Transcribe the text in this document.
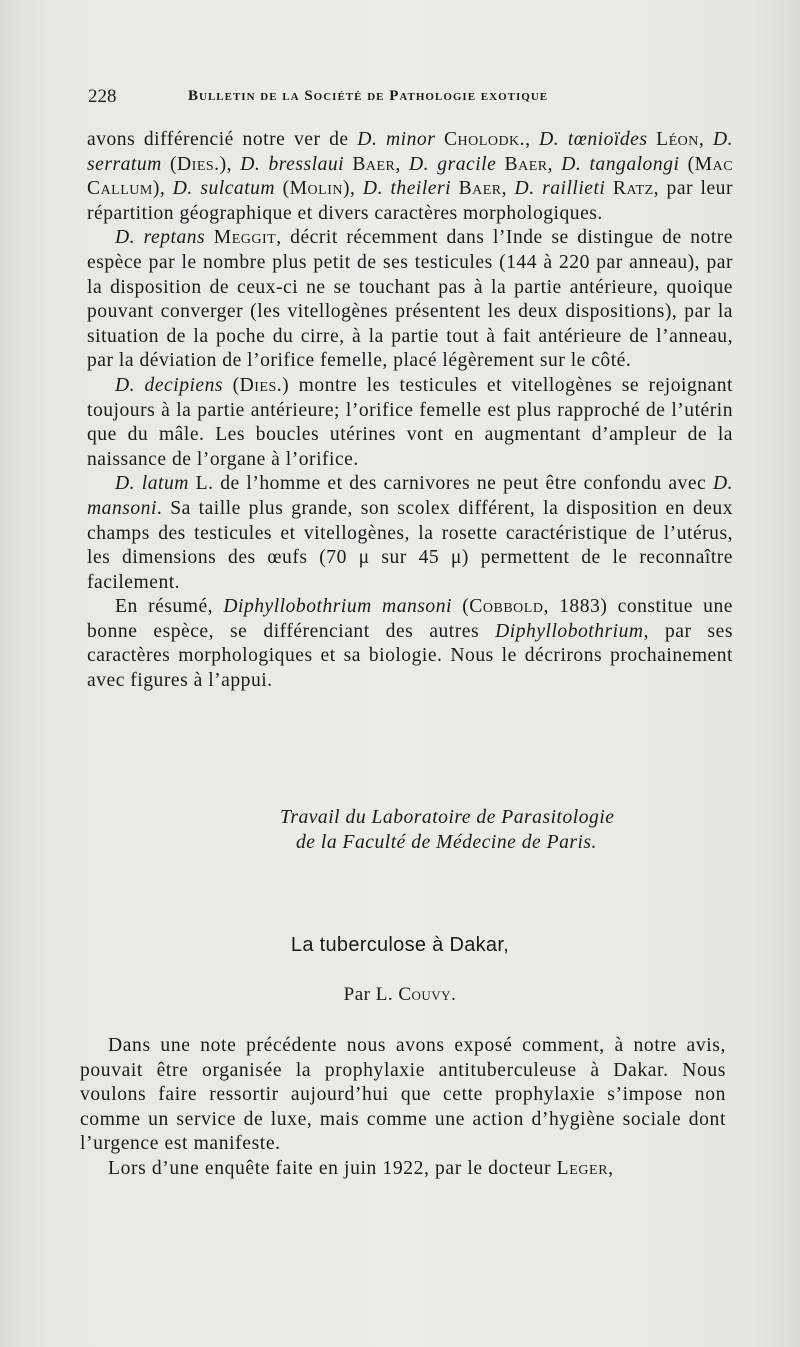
228	Bulletin de la Société de Pathologie exotique

avons différencié notre ver de D. minor Cholodk., D. tœnioïdes Léon, D. serratum (Dies.), D. bresslaui Baer, D. gracile Baer, D. tangalongi (Mac Callum), D. sulcatum (Molin), D. theileri Baer, D. raillieti Ratz, par leur répartition géographique et divers caractères morphologiques.

D. reptans Meggit, décrit récemment dans l’Inde se distingue de notre espèce par le nombre plus petit de ses testicules (144 à 220 par anneau), par la disposition de ceux-ci ne se touchant pas à la partie antérieure, quoique pouvant converger (les vitellogènes présentent les deux dispositions), par la situation de la poche du cirre, à la partie tout à fait antérieure de l’anneau, par la déviation de l’orifice femelle, placé légèrement sur le côté.

D. decipiens (Dies.) montre les testicules et vitellogènes se rejoignant toujours à la partie antérieure; l’orifice femelle est plus rapproché de l’utérin que du mâle. Les boucles utérines vont en augmentant d’ampleur de la naissance de l’organe à l’orifice.

D. latum L. de l’homme et des carnivores ne peut être confondu avec D. mansoni. Sa taille plus grande, son scolex différent, la disposition en deux champs des testicules et vitellogènes, la rosette caractéristique de l’utérus, les dimensions des œufs (70 μ sur 45 μ) permettent de le reconnaître facilement.

En résumé, Diphyllobothrium mansoni (Cobbold, 1883) constitue une bonne espèce, se différenciant des autres Diphyllobothrium, par ses caractères morphologiques et sa biologie. Nous le décrirons prochainement avec figures à l’appui.

Travail du Laboratoire de Parasitologie
de la Faculté de Médecine de Paris.
La tuberculose à Dakar,
Par L. Couvy.

Dans une note précédente nous avons exposé comment, à notre avis, pouvait être organisée la prophylaxie antituberculeuse à Dakar. Nous voulons faire ressortir aujourd’hui que cette prophylaxie s’impose non comme un service de luxe, mais comme une action d’hygiène sociale dont l’urgence est manifeste.

Lors d’une enquête faite en juin 1922, par le docteur Leger,
